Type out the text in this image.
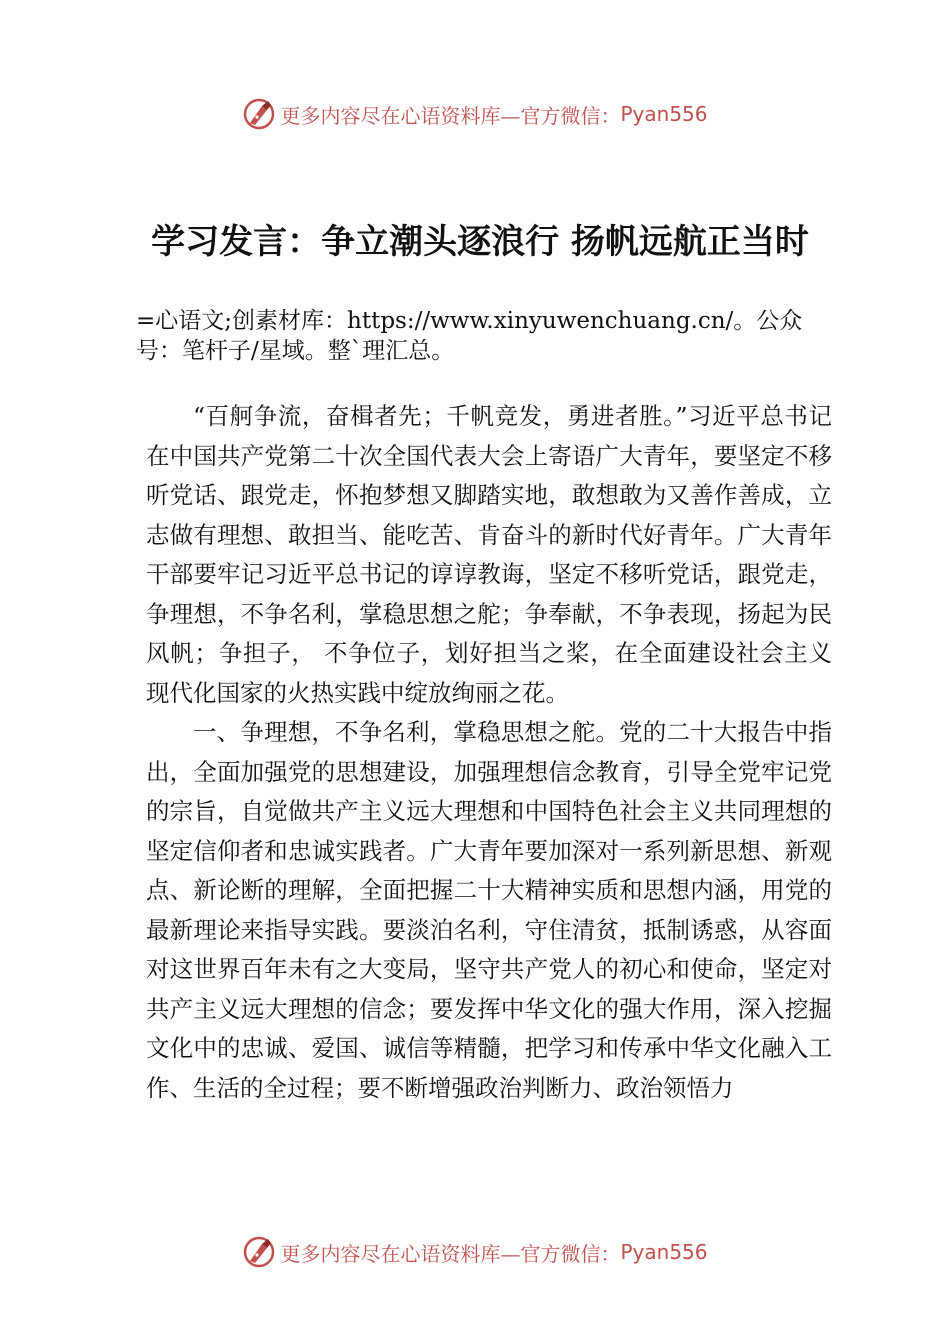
更多内容尽在心语资料库—官方微信： Pyan556
学习发言：争立潮头逐浪行 扬帆远航正当时
=心语文;创素材库：https://www.xinyuwenchuang.cn/。公众号：笔杆子/星域。整`理汇总。

“百舸争流，奋楫者先；千帆竞发，勇进者胜。”习近平总书记在中国共产党第二十次全国代表大会上寄语广大青年，要坚定不移听党话、跟党走，怀抱梦想又脚踏实地，敢想敢为又善作善成，立志做有理想、敢担当、能吃苦、肯奋斗的新时代好青年。广大青年干部要牢记习近平总书记的谆谆教诲，坚定不移听党话，跟党走，争理想，不争名利，掌稳思想之舵；争奉献，不争表现，扬起为民风帆；争担子， 不争位子，划好担当之桨，在全面建设社会主义现代化国家的火热实践中绽放绚丽之花。

一、争理想，不争名利，掌稳思想之舵。党的二十大报告中指出，全面加强党的思想建设，加强理想信念教育，引导全党牢记党的宗旨，自觉做共产主义远大理想和中国特色社会主义共同理想的坚定信仰者和忠诚实践者。广大青年要加深对一系列新思想、新观点、新论断的理解，全面把握二十大精神实质和思想内涵，用党的最新理论来指导实践。要淡泊名利，守住清贫，抵制诱惑，从容面对这世界百年未有之大变局，坚守共产党人的初心和使命，坚定对共产主义远大理想的信念；要发挥中华文化的强大作用，深入挖掘文化中的忠诚、爱国、诚信等精髓，把学习和传承中华文化融入工作、生活的全过程；要不断增强政治判断力、政治领悟力

更多内容尽在心语资料库—官方微信： Pyan556
